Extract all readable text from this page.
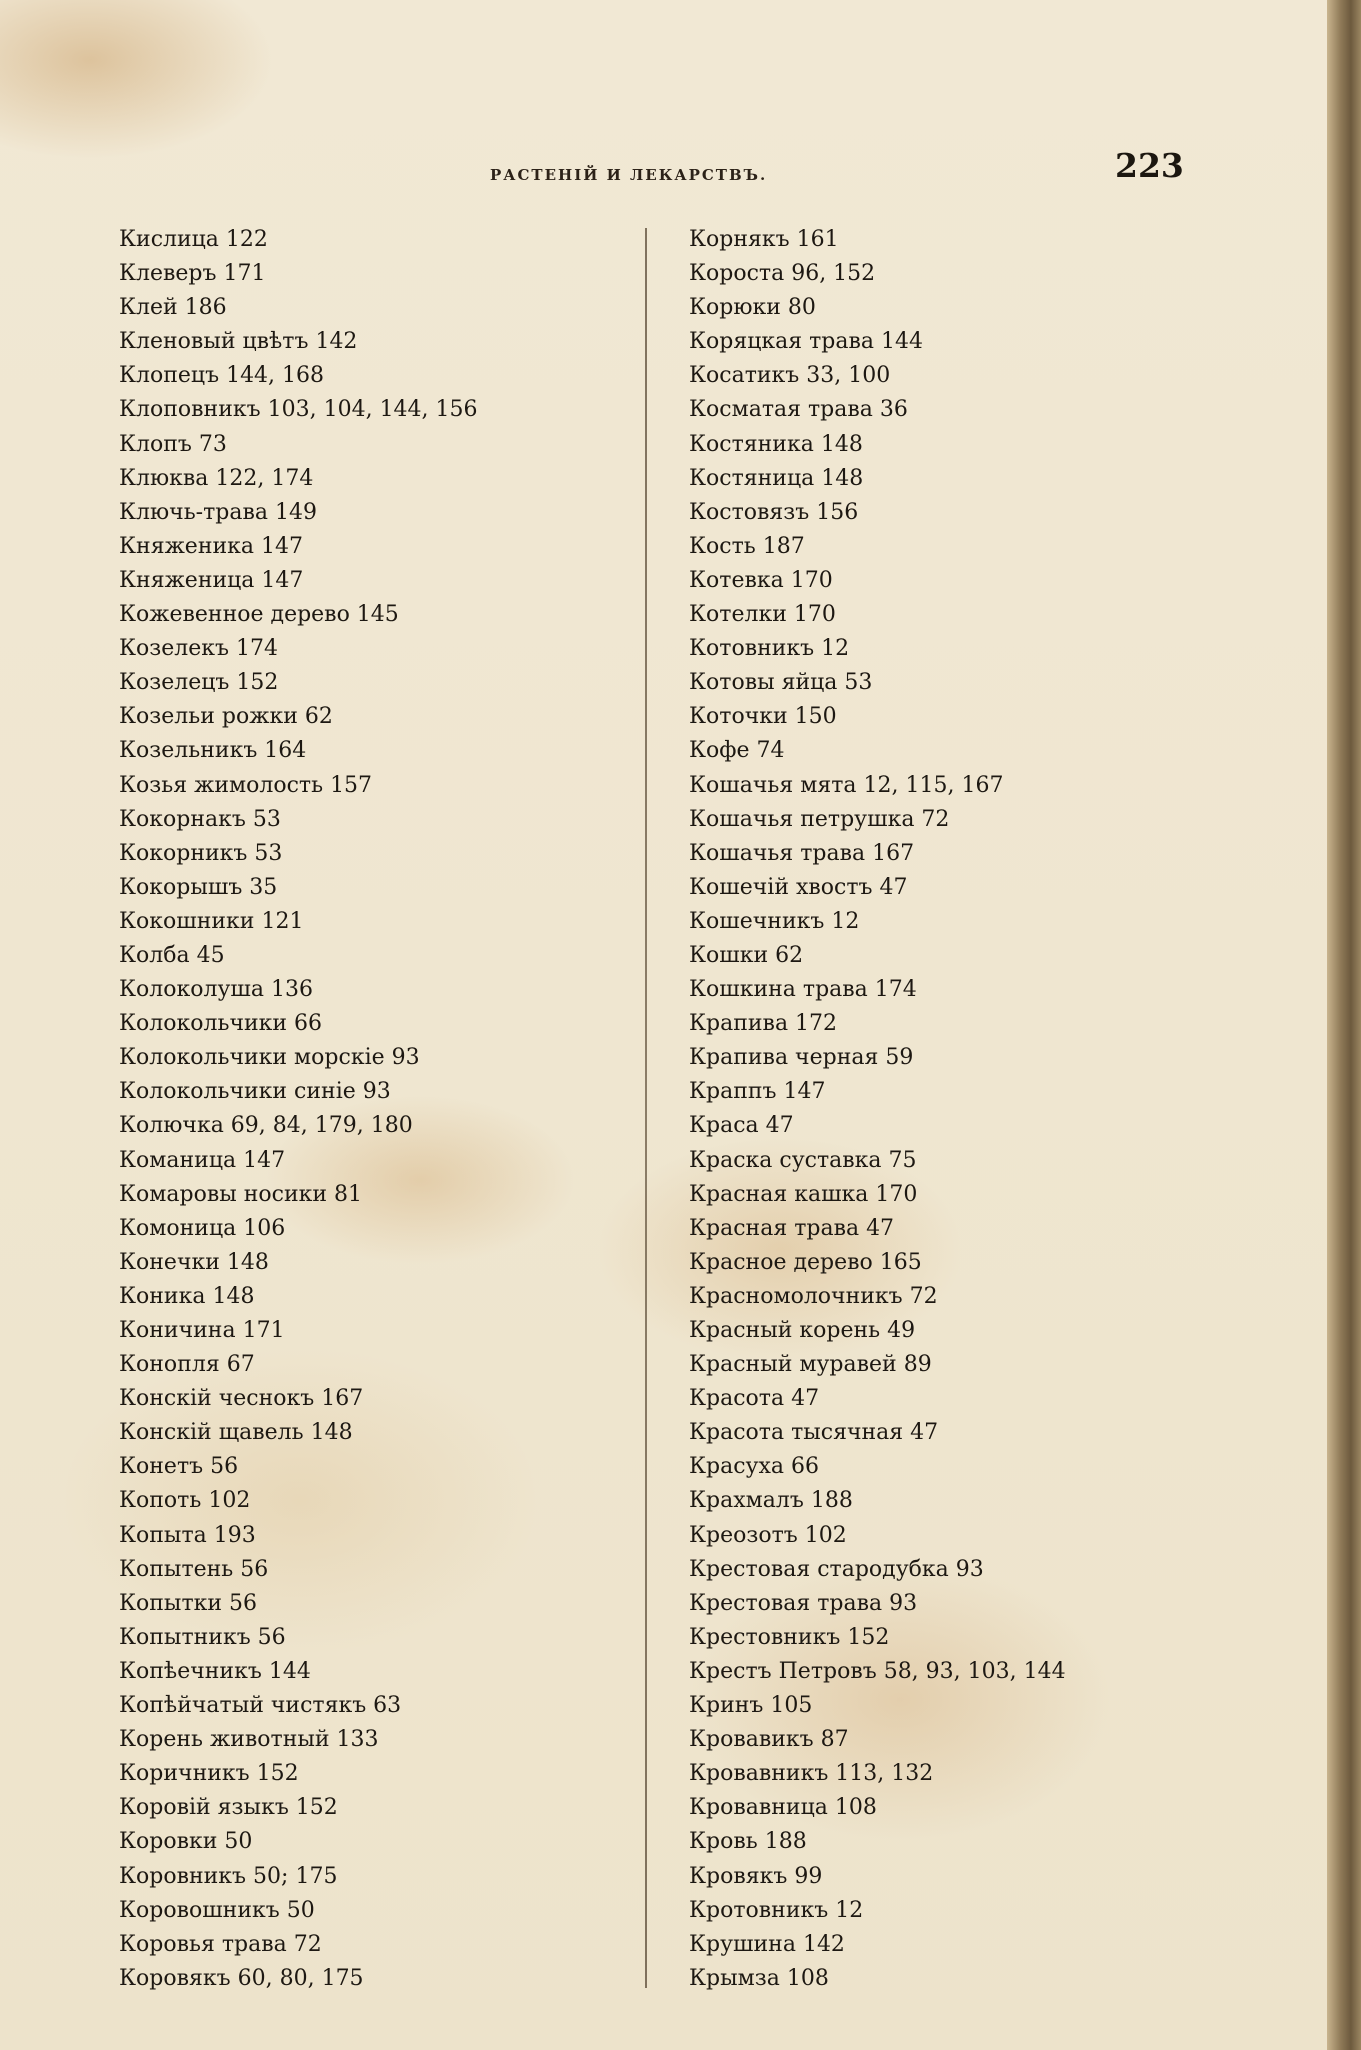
РАСТЕНІЙ И ЛЕКАРСТВЪ.	223
Кислица 122
Клеверъ 171
Клей 186
Кленовый цвѣтъ 142
Клопецъ 144, 168
Клоповникъ 103, 104, 144, 156
Клопъ 73
Клюква 122, 174
Ключь-трава 149
Княженика 147
Княженица 147
Кожевенное дерево 145
Козелекъ 174
Козелецъ 152
Козельи рожки 62
Козельникъ 164
Козья жимолость 157
Кокорнакъ 53
Кокорникъ 53
Кокорышъ 35
Кокошники 121
Колба 45
Колоколуша 136
Колокольчики 66
Колокольчики морскіе 93
Колокольчики синіе 93
Колючка 69, 84, 179, 180
Команица 147
Комаровы носики 81
Комоница 106
Конечки 148
Коника 148
Коничина 171
Конопля 67
Конскій чеснокъ 167
Конскій щавель 148
Конетъ 56
Копоть 102
Копыта 193
Копытень 56
Копытки 56
Копытникъ 56
Копѣечникъ 144
Копѣйчатый чистякъ 63
Корень животный 133
Коричникъ 152
Коровій языкъ 152
Коровки 50
Коровникъ 50; 175
Коровошникъ 50
Коровья трава 72
Коровякъ 60, 80, 175
Корнякъ 161
Короста 96, 152
Корюки 80
Коряцкая трава 144
Косатикъ 33, 100
Косматая трава 36
Костяника 148
Костяница 148
Костовязъ 156
Кость 187
Котевка 170
Котелки 170
Котовникъ 12
Котовы яйца 53
Коточки 150
Кофе 74
Кошачья мята 12, 115, 167
Кошачья петрушка 72
Кошачья трава 167
Кошечій хвостъ 47
Кошечникъ 12
Кошки 62
Кошкина трава 174
Крапива 172
Крапива черная 59
Краппъ 147
Краса 47
Краска суставка 75
Красная кашка 170
Красная трава 47
Красное дерево 165
Красномолочникъ 72
Красный корень 49
Красный муравей 89
Красота 47
Красота тысячная 47
Красуха 66
Крахмалъ 188
Креозотъ 102
Крестовая стародубка 93
Крестовая трава 93
Крестовникъ 152
Крестъ Петровъ 58, 93, 103, 144
Кринъ 105
Кровавикъ 87
Кровавникъ 113, 132
Кровавница 108
Кровь 188
Кровякъ 99
Кротовникъ 12
Крушина 142
Крымза 108
